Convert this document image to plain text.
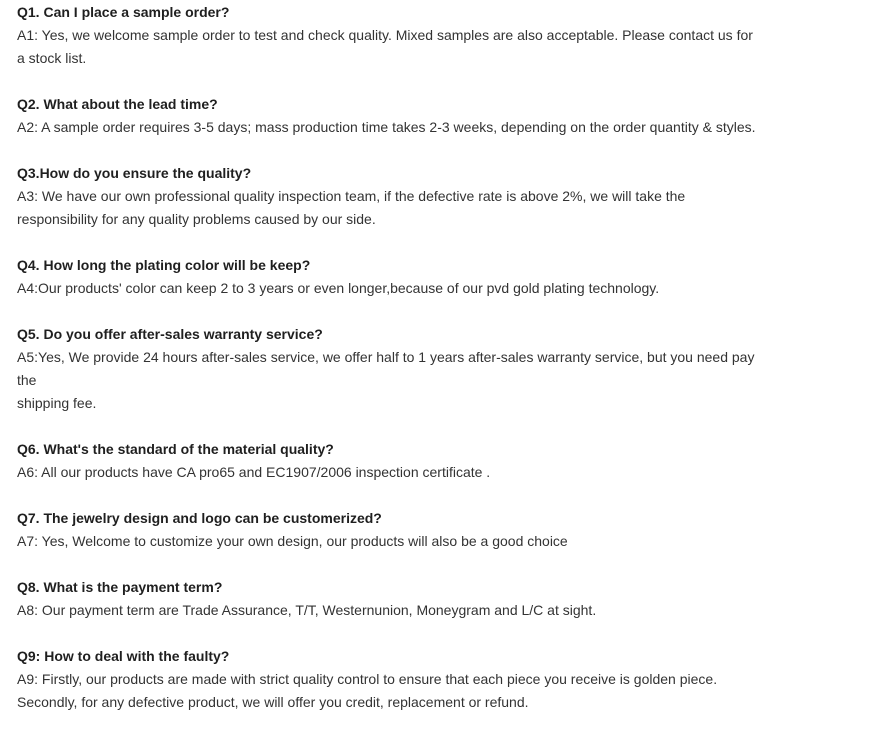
Q1. Can I place a sample order?

A1: Yes, we welcome sample order to test and check quality. Mixed samples are also acceptable. Please contact us for
a stock list.

Q2. What about the lead time?

A2: A sample order requires 3-5 days; mass production time takes 2-3 weeks, depending on the order quantity & styles.

Q3.How do you ensure the quality?

A3: We have our own professional quality inspection team, if the defective rate is above 2%, we will take the
responsibility for any quality problems caused by our side.

Q4. How long the plating color will be keep?

A4:Our products' color can keep 2 to 3 years or even longer,because of our pvd gold plating technology.

Q5. Do you offer after-sales warranty service?

A5:Yes, We provide 24 hours after-sales service, we offer half to 1 years after-sales warranty service, but you need pay
the
shipping fee.

Q6. What's the standard of the material quality?

A6: All our products have CA pro65 and EC1907/2006 inspection certificate .

Q7. The jewelry design and logo can be customerized?

A7: Yes, Welcome to customize your own design, our products will also be a good choice

Q8. What is the payment term?

A8: Our payment term are Trade Assurance, T/T, Westernunion, Moneygram and L/C at sight.

Q9: How to deal with the faulty?

A9: Firstly, our products are made with strict quality control to ensure that each piece you receive is golden piece.
Secondly, for any defective product, we will offer you credit, replacement or refund.
